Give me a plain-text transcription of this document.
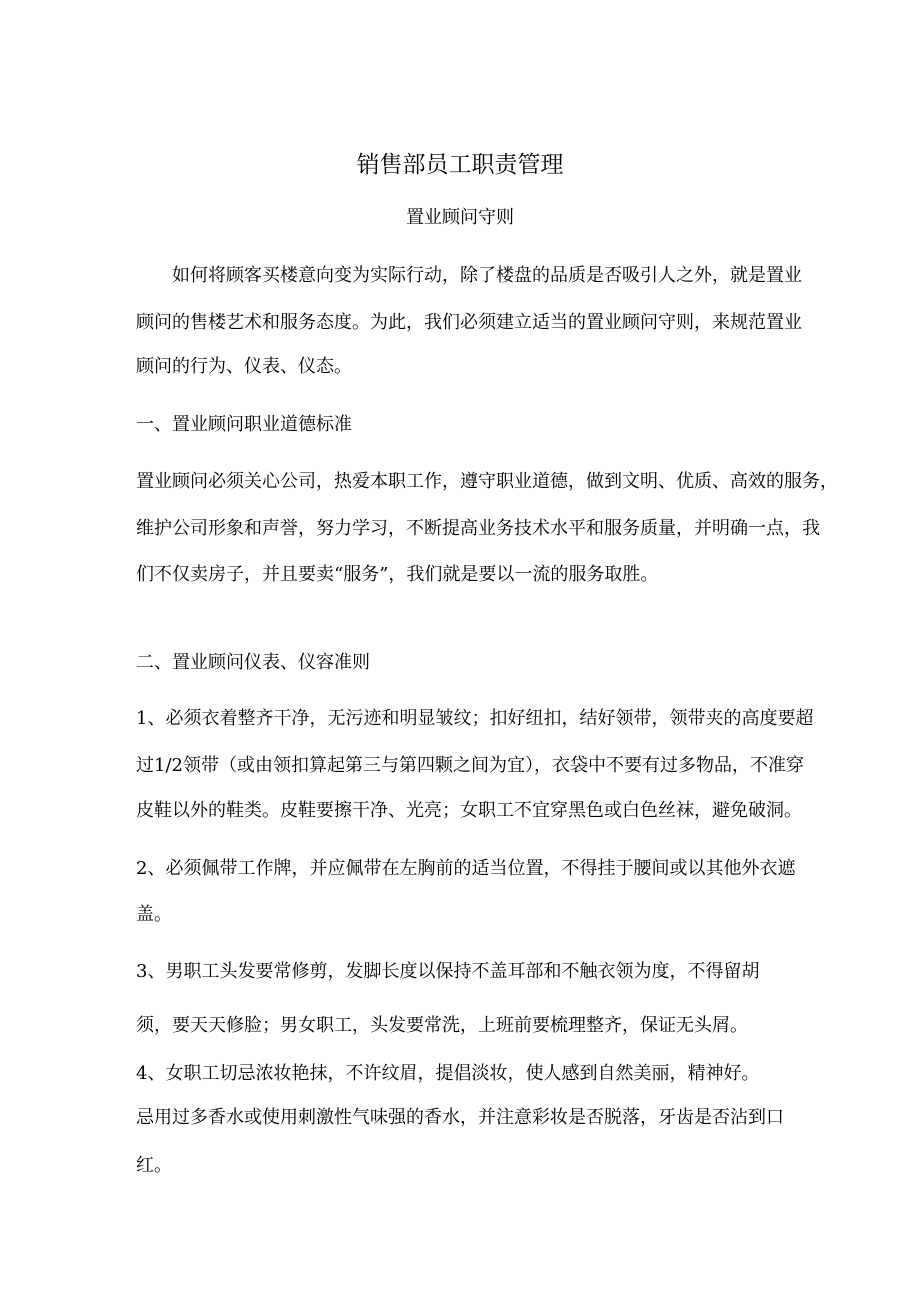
销售部员工职责管理
置业顾问守则
如何将顾客买楼意向变为实际行动，除了楼盘的品质是否吸引人之外，就是置业
顾问的售楼艺术和服务态度。为此，我们必须建立适当的置业顾问守则，来规范置业
顾问的行为、仪表、仪态。
一、置业顾问职业道德标准
置业顾问必须关心公司，热爱本职工作，遵守职业道德，做到文明、优质、高效的服务，
维护公司形象和声誉，努力学习，不断提高业务技术水平和服务质量，并明确一点，我
们不仅卖房子，并且要卖“服务”，我们就是要以一流的服务取胜。
二、置业顾问仪表、仪容准则
1、必须衣着整齐干净，无污迹和明显皱纹；扣好纽扣，结好领带，领带夹的高度要超
过1/2领带（或由领扣算起第三与第四颗之间为宜），衣袋中不要有过多物品，不准穿
皮鞋以外的鞋类。皮鞋要擦干净、光亮；女职工不宜穿黑色或白色丝袜，避免破洞。
2、必须佩带工作牌，并应佩带在左胸前的适当位置，不得挂于腰间或以其他外衣遮
盖。
3、男职工头发要常修剪，发脚长度以保持不盖耳部和不触衣领为度，不得留胡
须，要天天修脸；男女职工，头发要常洗，上班前要梳理整齐，保证无头屑。
4、女职工切忌浓妆艳抹，不许纹眉，提倡淡妆，使人感到自然美丽，精神好。
忌用过多香水或使用刺激性气味强的香水，并注意彩妆是否脱落，牙齿是否沾到口
红。
